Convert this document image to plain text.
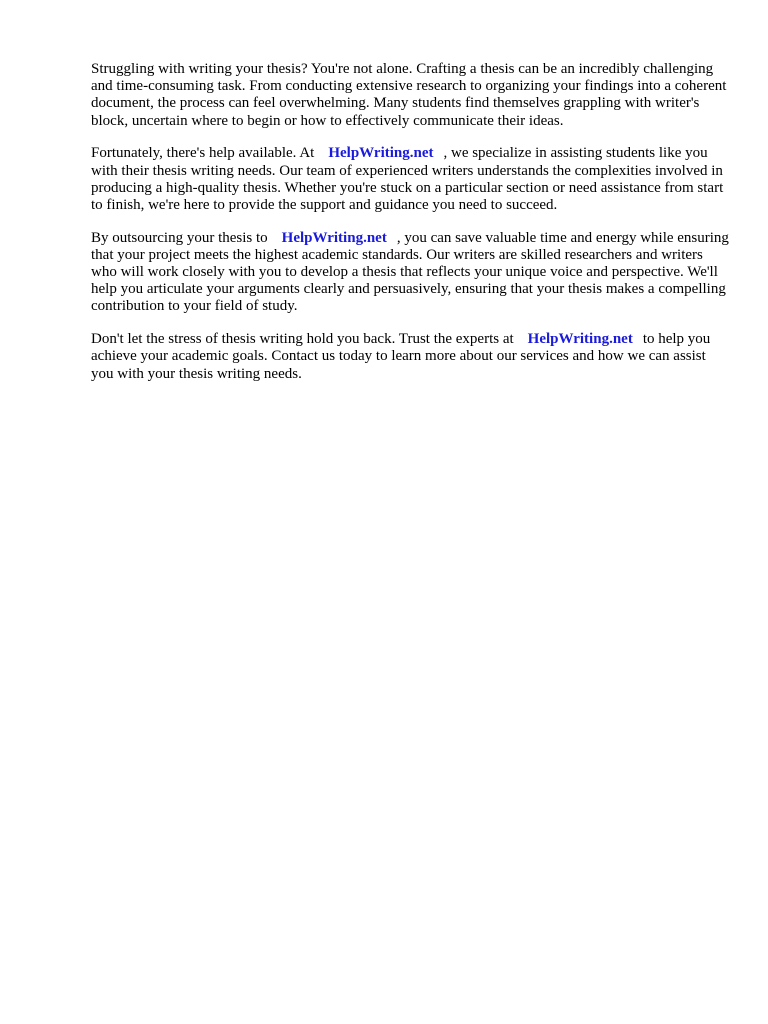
Struggling with writing your thesis? You're not alone. Crafting a thesis can be an incredibly challenging and time-consuming task. From conducting extensive research to organizing your findings into a coherent document, the process can feel overwhelming. Many students find themselves grappling with writer's block, uncertain where to begin or how to effectively communicate their ideas.

Fortunately, there's help available. At HelpWriting.net , we specialize in assisting students like you with their thesis writing needs. Our team of experienced writers understands the complexities involved in producing a high-quality thesis. Whether you're stuck on a particular section or need assistance from start to finish, we're here to provide the support and guidance you need to succeed.

By outsourcing your thesis to HelpWriting.net , you can save valuable time and energy while ensuring that your project meets the highest academic standards. Our writers are skilled researchers and writers who will work closely with you to develop a thesis that reflects your unique voice and perspective. We'll help you articulate your arguments clearly and persuasively, ensuring that your thesis makes a compelling contribution to your field of study.

Don't let the stress of thesis writing hold you back. Trust the experts at HelpWriting.net to help you achieve your academic goals. Contact us today to learn more about our services and how we can assist you with your thesis writing needs.
